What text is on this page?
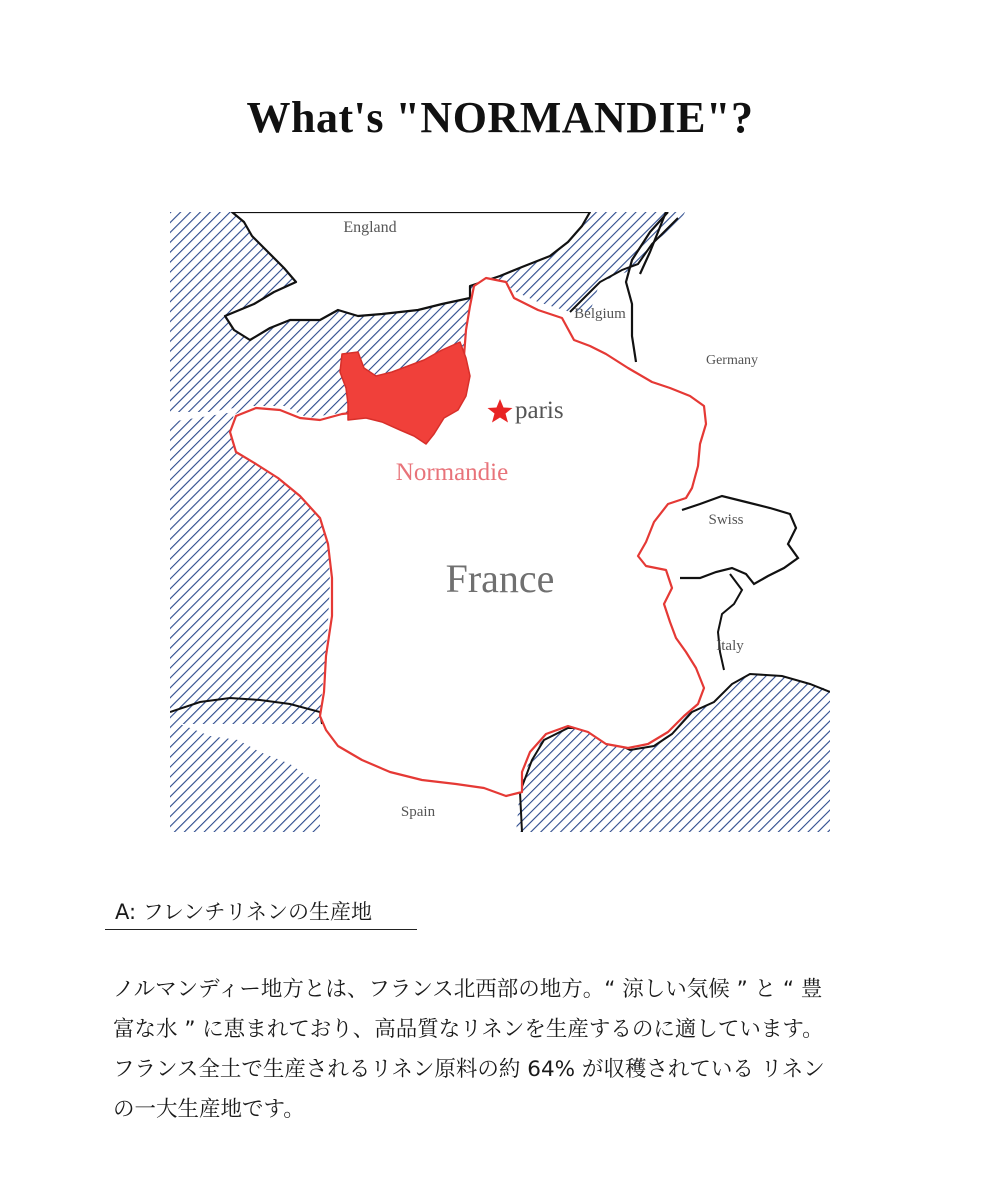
What's "NORMANDIE"?
England
Belgium
Germany
paris
Normandie
Swiss
France
Italy
Spain
A: フレンチリネンの生産地

ノルマンディー地方とは、フランス北西部の地方。“ 涼しい気候 ” と “ 豊
富な水 ” に恵まれており、高品質なリネンを生産するのに適しています。
フランス全土で生産されるリネン原料の約 64% が収穫されている リネン
の一大生産地です。
